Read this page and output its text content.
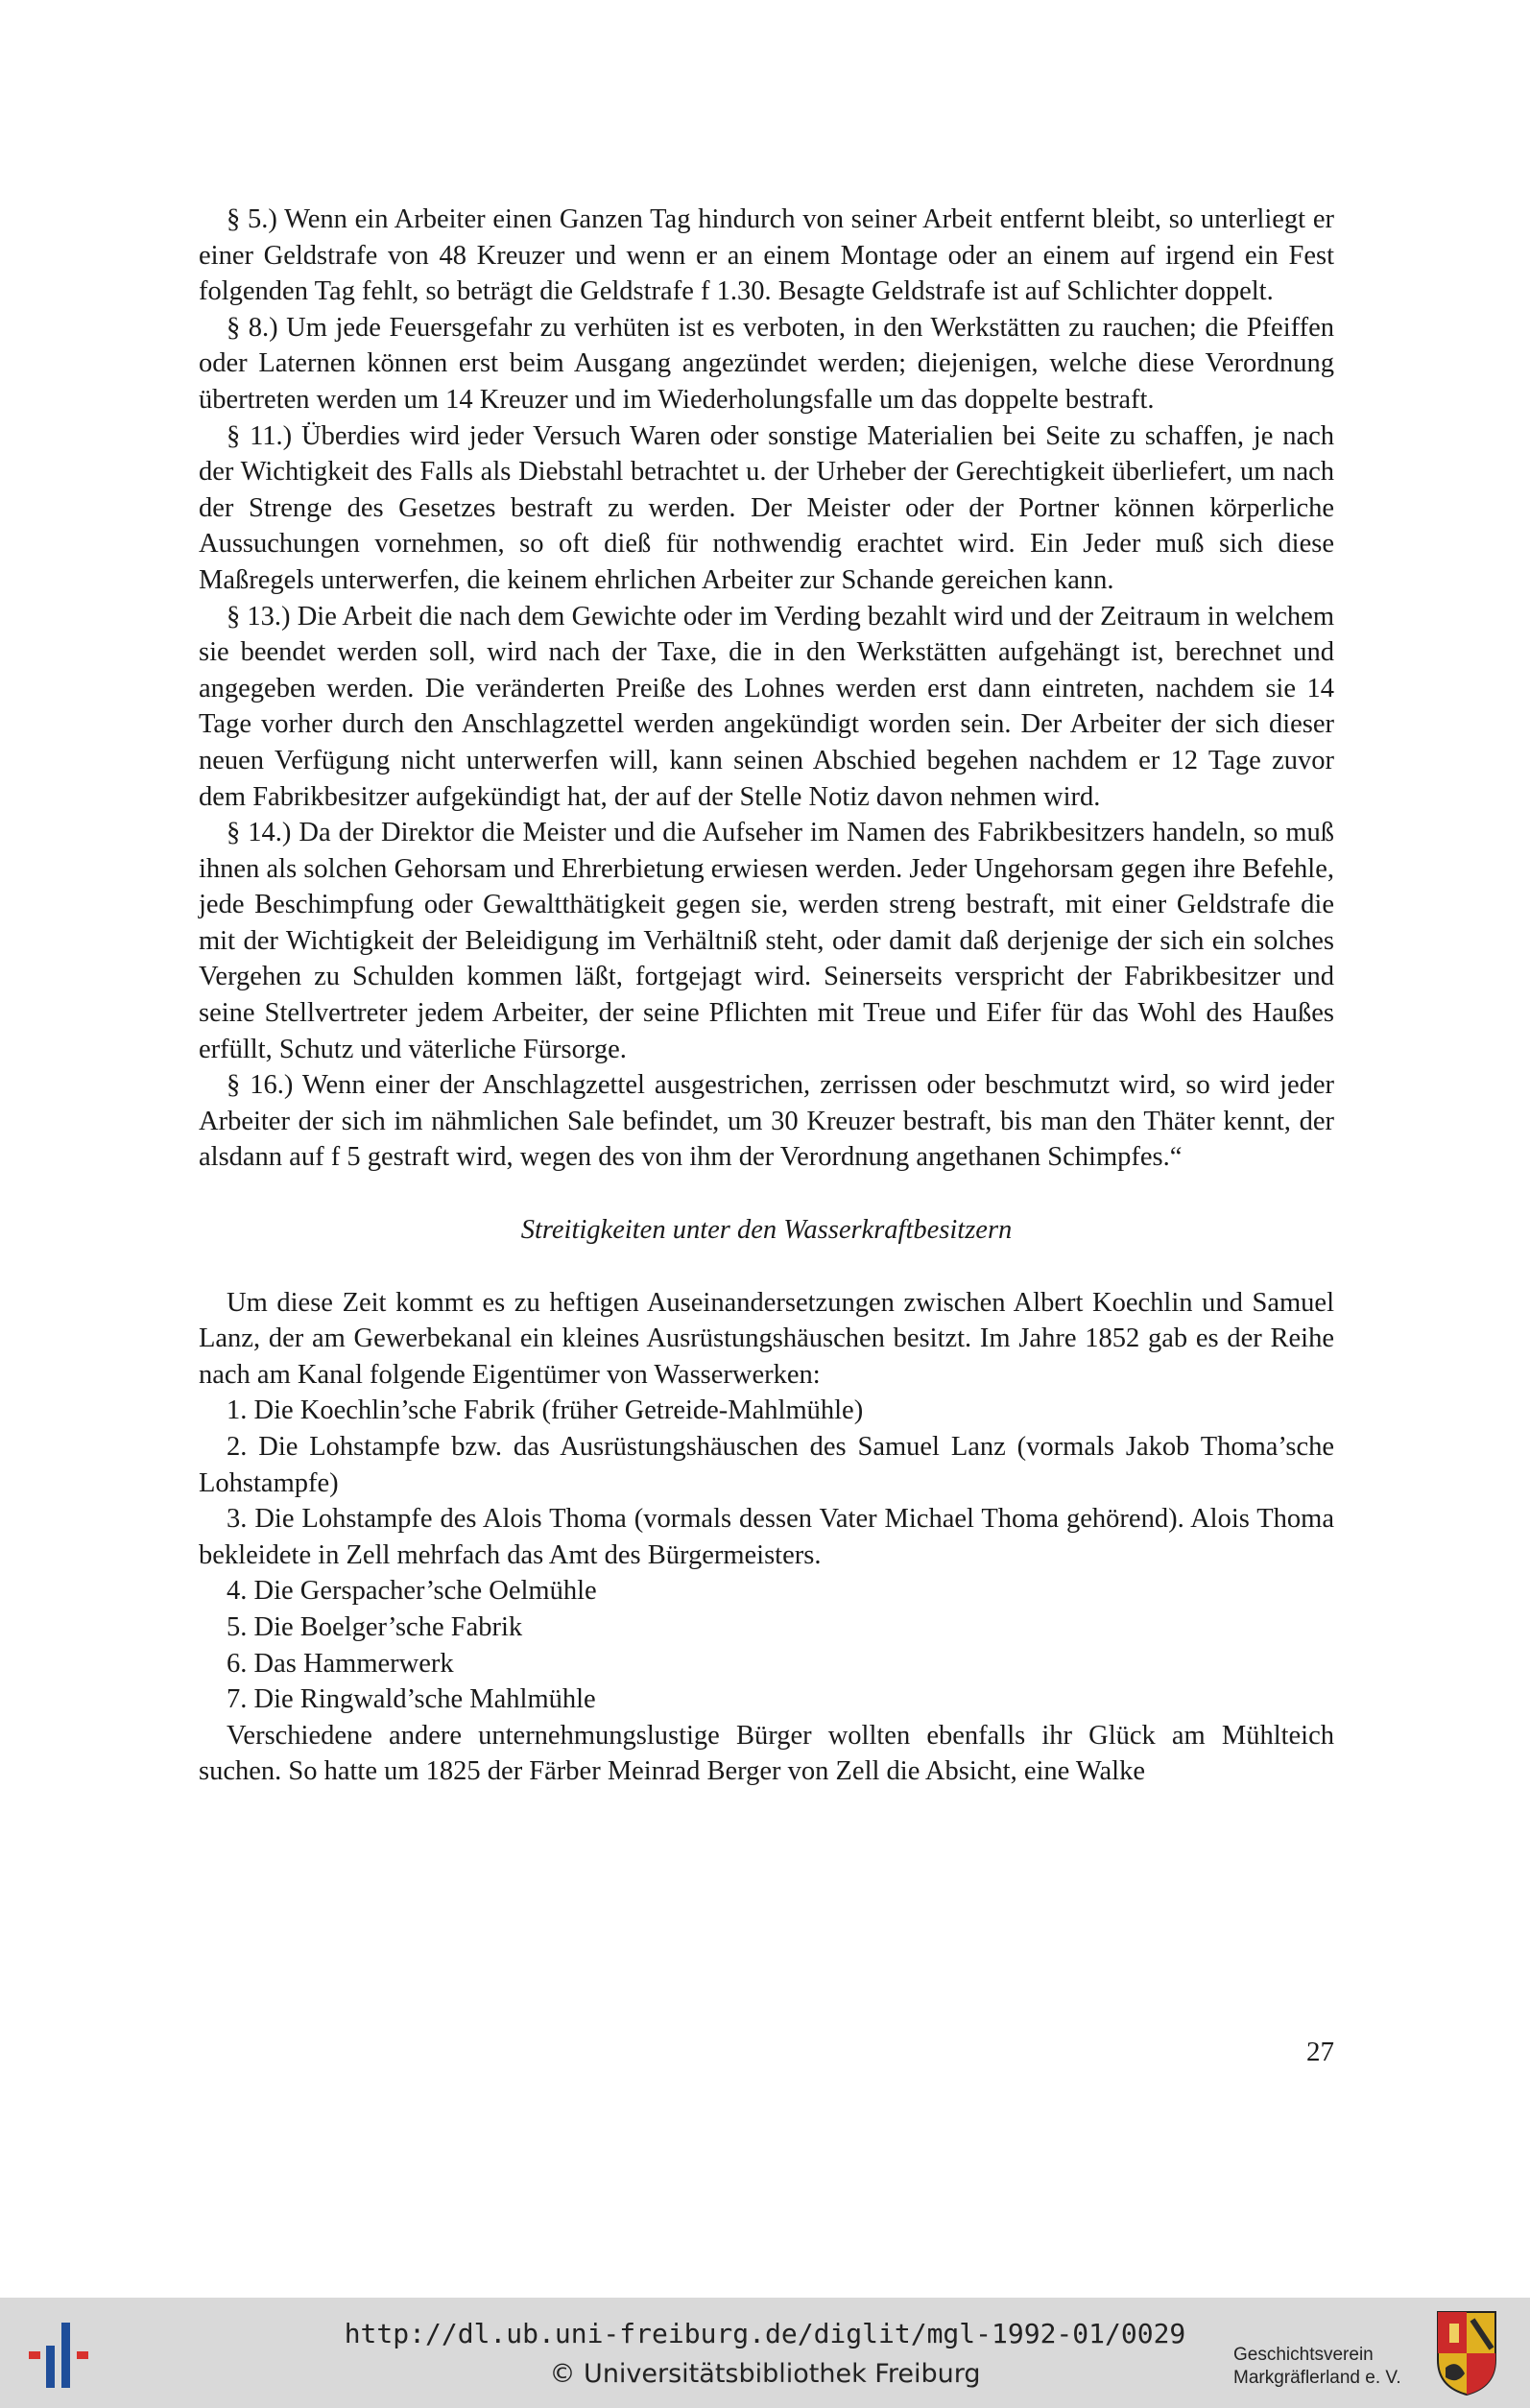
§ 5.) Wenn ein Arbeiter einen Ganzen Tag hindurch von seiner Arbeit entfernt bleibt, so unterliegt er einer Geldstrafe von 48 Kreuzer und wenn er an einem Montage oder an einem auf irgend ein Fest folgenden Tag fehlt, so beträgt die Geldstrafe f 1.30. Besagte Geldstrafe ist auf Schlichter doppelt.

§ 8.) Um jede Feuersgefahr zu verhüten ist es verboten, in den Werkstätten zu rauchen; die Pfeiffen oder Laternen können erst beim Ausgang angezündet werden; diejenigen, welche diese Verordnung übertreten werden um 14 Kreuzer und im Wiederholungsfalle um das doppelte bestraft.

§ 11.) Überdies wird jeder Versuch Waren oder sonstige Materialien bei Seite zu schaffen, je nach der Wichtigkeit des Falls als Diebstahl betrachtet u. der Urheber der Gerechtigkeit überliefert, um nach der Strenge des Gesetzes bestraft zu werden. Der Meister oder der Portner können körperliche Aussuchungen vornehmen, so oft dieß für nothwendig erachtet wird. Ein Jeder muß sich diese Maßregels unterwerfen, die keinem ehrlichen Arbeiter zur Schande gereichen kann.

§ 13.) Die Arbeit die nach dem Gewichte oder im Verding bezahlt wird und der Zeitraum in welchem sie beendet werden soll, wird nach der Taxe, die in den Werkstätten aufgehängt ist, berechnet und angegeben werden. Die veränderten Preiße des Lohnes werden erst dann eintreten, nachdem sie 14 Tage vorher durch den Anschlagzettel werden angekündigt worden sein. Der Arbeiter der sich dieser neuen Verfügung nicht unterwerfen will, kann seinen Abschied begehen nachdem er 12 Tage zuvor dem Fabrikbesitzer aufgekündigt hat, der auf der Stelle Notiz davon nehmen wird.

§ 14.) Da der Direktor die Meister und die Aufseher im Namen des Fabrikbesitzers handeln, so muß ihnen als solchen Gehorsam und Ehrerbietung erwiesen werden. Jeder Ungehorsam gegen ihre Befehle, jede Beschimpfung oder Gewaltthätigkeit gegen sie, werden streng bestraft, mit einer Geldstrafe die mit der Wichtigkeit der Beleidigung im Verhältniß steht, oder damit daß derjenige der sich ein solches Vergehen zu Schulden kommen läßt, fortgejagt wird. Seinerseits verspricht der Fabrikbesitzer und seine Stellvertreter jedem Arbeiter, der seine Pflichten mit Treue und Eifer für das Wohl des Haußes erfüllt, Schutz und väterliche Fürsorge.

§ 16.) Wenn einer der Anschlagzettel ausgestrichen, zerrissen oder beschmutzt wird, so wird jeder Arbeiter der sich im nähmlichen Sale befindet, um 30 Kreuzer bestraft, bis man den Thäter kennt, der alsdann auf f 5 gestraft wird, wegen des von ihm der Verordnung angethanen Schimpfes.“

Streitigkeiten unter den Wasserkraftbesitzern

Um diese Zeit kommt es zu heftigen Auseinandersetzungen zwischen Albert Koechlin und Samuel Lanz, der am Gewerbekanal ein kleines Ausrüstungshäuschen besitzt. Im Jahre 1852 gab es der Reihe nach am Kanal folgende Eigentümer von Wasserwerken:

1. Die Koechlin’sche Fabrik (früher Getreide-Mahlmühle)

2. Die Lohstampfe bzw. das Ausrüstungshäuschen des Samuel Lanz (vormals Jakob Thoma’sche Lohstampfe)

3. Die Lohstampfe des Alois Thoma (vormals dessen Vater Michael Thoma gehörend). Alois Thoma bekleidete in Zell mehrfach das Amt des Bürgermeisters.

4. Die Gerspacher’sche Oelmühle

5. Die Boelger’sche Fabrik

6. Das Hammerwerk

7. Die Ringwald’sche Mahlmühle

Verschiedene andere unternehmungslustige Bürger wollten ebenfalls ihr Glück am Mühlteich suchen. So hatte um 1825 der Färber Meinrad Berger von Zell die Absicht, eine Walke

27
http://dl.ub.uni-freiburg.de/diglit/mgl-1992-01/0029
© Universitätsbibliothek Freiburg
Geschichtsverein
Markgräflerland e. V.
